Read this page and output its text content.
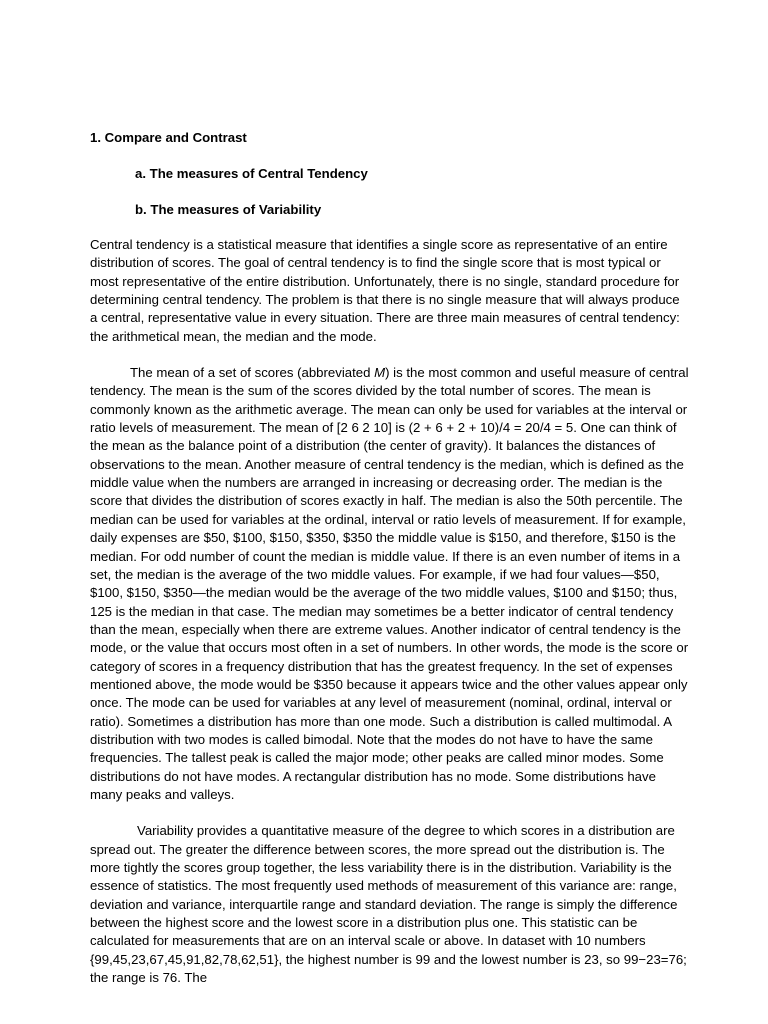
1. Compare and Contrast
a. The measures of Central Tendency
b. The measures of Variability

Central tendency is a statistical measure that identifies a single score as representative of an entire distribution of scores. The goal of central tendency is to find the single score that is most typical or most representative of the entire distribution. Unfortunately, there is no single, standard procedure for determining central tendency. The problem is that there is no single measure that will always produce a central, representative value in every situation. There are three main measures of central tendency: the arithmetical mean, the median and the mode.

The mean of a set of scores (abbreviated M) is the most common and useful measure of central tendency. The mean is the sum of the scores divided by the total number of scores. The mean is commonly known as the arithmetic average. The mean can only be used for variables at the interval or ratio levels of measurement. The mean of [2 6 2 10] is (2 + 6 + 2 + 10)/4 = 20/4 = 5. One can think of the mean as the balance point of a distribution (the center of gravity). It balances the distances of observations to the mean. Another measure of central tendency is the median, which is defined as the middle value when the numbers are arranged in increasing or decreasing order. The median is the score that divides the distribution of scores exactly in half. The median is also the 50th percentile. The median can be used for variables at the ordinal, interval or ratio levels of measurement. If for example, daily expenses are $50, $100, $150, $350, $350 the middle value is $150, and therefore, $150 is the median. For odd number of count the median is middle value. If there is an even number of items in a set, the median is the average of the two middle values. For example, if we had four values—$50, $100, $150, $350—the median would be the average of the two middle values, $100 and $150; thus, 125 is the median in that case. The median may sometimes be a better indicator of central tendency than the mean, especially when there are extreme values. Another indicator of central tendency is the mode, or the value that occurs most often in a set of numbers. In other words, the mode is the score or category of scores in a frequency distribution that has the greatest frequency. In the set of expenses mentioned above, the mode would be $350 because it appears twice and the other values appear only once. The mode can be used for variables at any level of measurement (nominal, ordinal, interval or ratio). Sometimes a distribution has more than one mode. Such a distribution is called multimodal. A distribution with two modes is called bimodal. Note that the modes do not have to have the same frequencies. The tallest peak is called the major mode; other peaks are called minor modes. Some distributions do not have modes. A rectangular distribution has no mode. Some distributions have many peaks and valleys.

Variability provides a quantitative measure of the degree to which scores in a distribution are spread out. The greater the difference between scores, the more spread out the distribution is. The more tightly the scores group together, the less variability there is in the distribution. Variability is the essence of statistics. The most frequently used methods of measurement of this variance are: range, deviation and variance, interquartile range and standard deviation. The range is simply the difference between the highest score and the lowest score in a distribution plus one. This statistic can be calculated for measurements that are on an interval scale or above. In dataset with 10 numbers {99,45,23,67,45,91,82,78,62,51}, the highest number is 99 and the lowest number is 23, so 99−23=76; the range is 76. The
